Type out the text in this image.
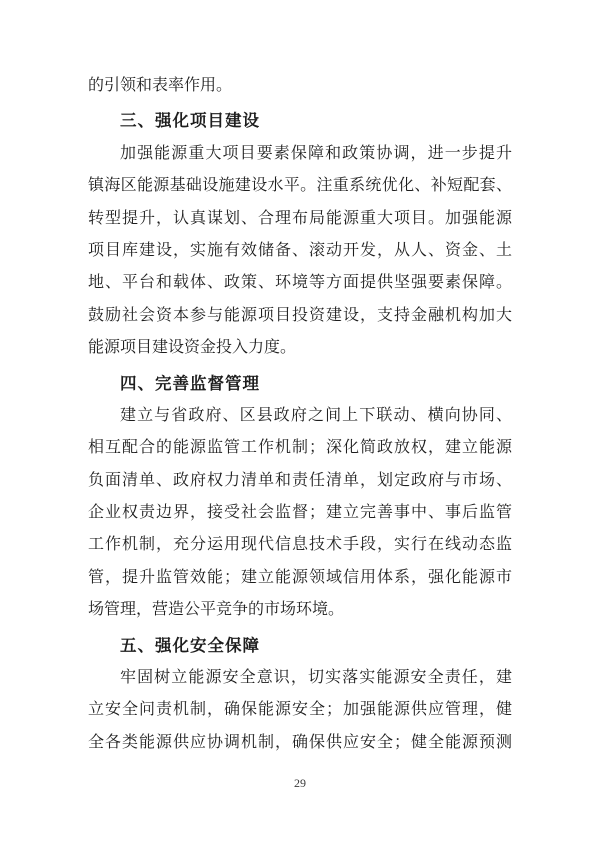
的引领和表率作用。
三、强化项目建设
加强能源重大项目要素保障和政策协调，进一步提升
镇海区能源基础设施建设水平。注重系统优化、补短配套、
转型提升，认真谋划、合理布局能源重大项目。加强能源
项目库建设，实施有效储备、滚动开发，从人、资金、土
地、平台和载体、政策、环境等方面提供坚强要素保障。
鼓励社会资本参与能源项目投资建设，支持金融机构加大
能源项目建设资金投入力度。
四、完善监督管理
建立与省政府、区县政府之间上下联动、横向协同、
相互配合的能源监管工作机制；深化简政放权，建立能源
负面清单、政府权力清单和责任清单，划定政府与市场、
企业权责边界，接受社会监督；建立完善事中、事后监管
工作机制，充分运用现代信息技术手段，实行在线动态监
管，提升监管效能；建立能源领域信用体系，强化能源市
场管理，营造公平竞争的市场环境。
五、强化安全保障
牢固树立能源安全意识，切实落实能源安全责任，建
立安全问责机制，确保能源安全；加强能源供应管理，健
全各类能源供应协调机制，确保供应安全；健全能源预测
29
